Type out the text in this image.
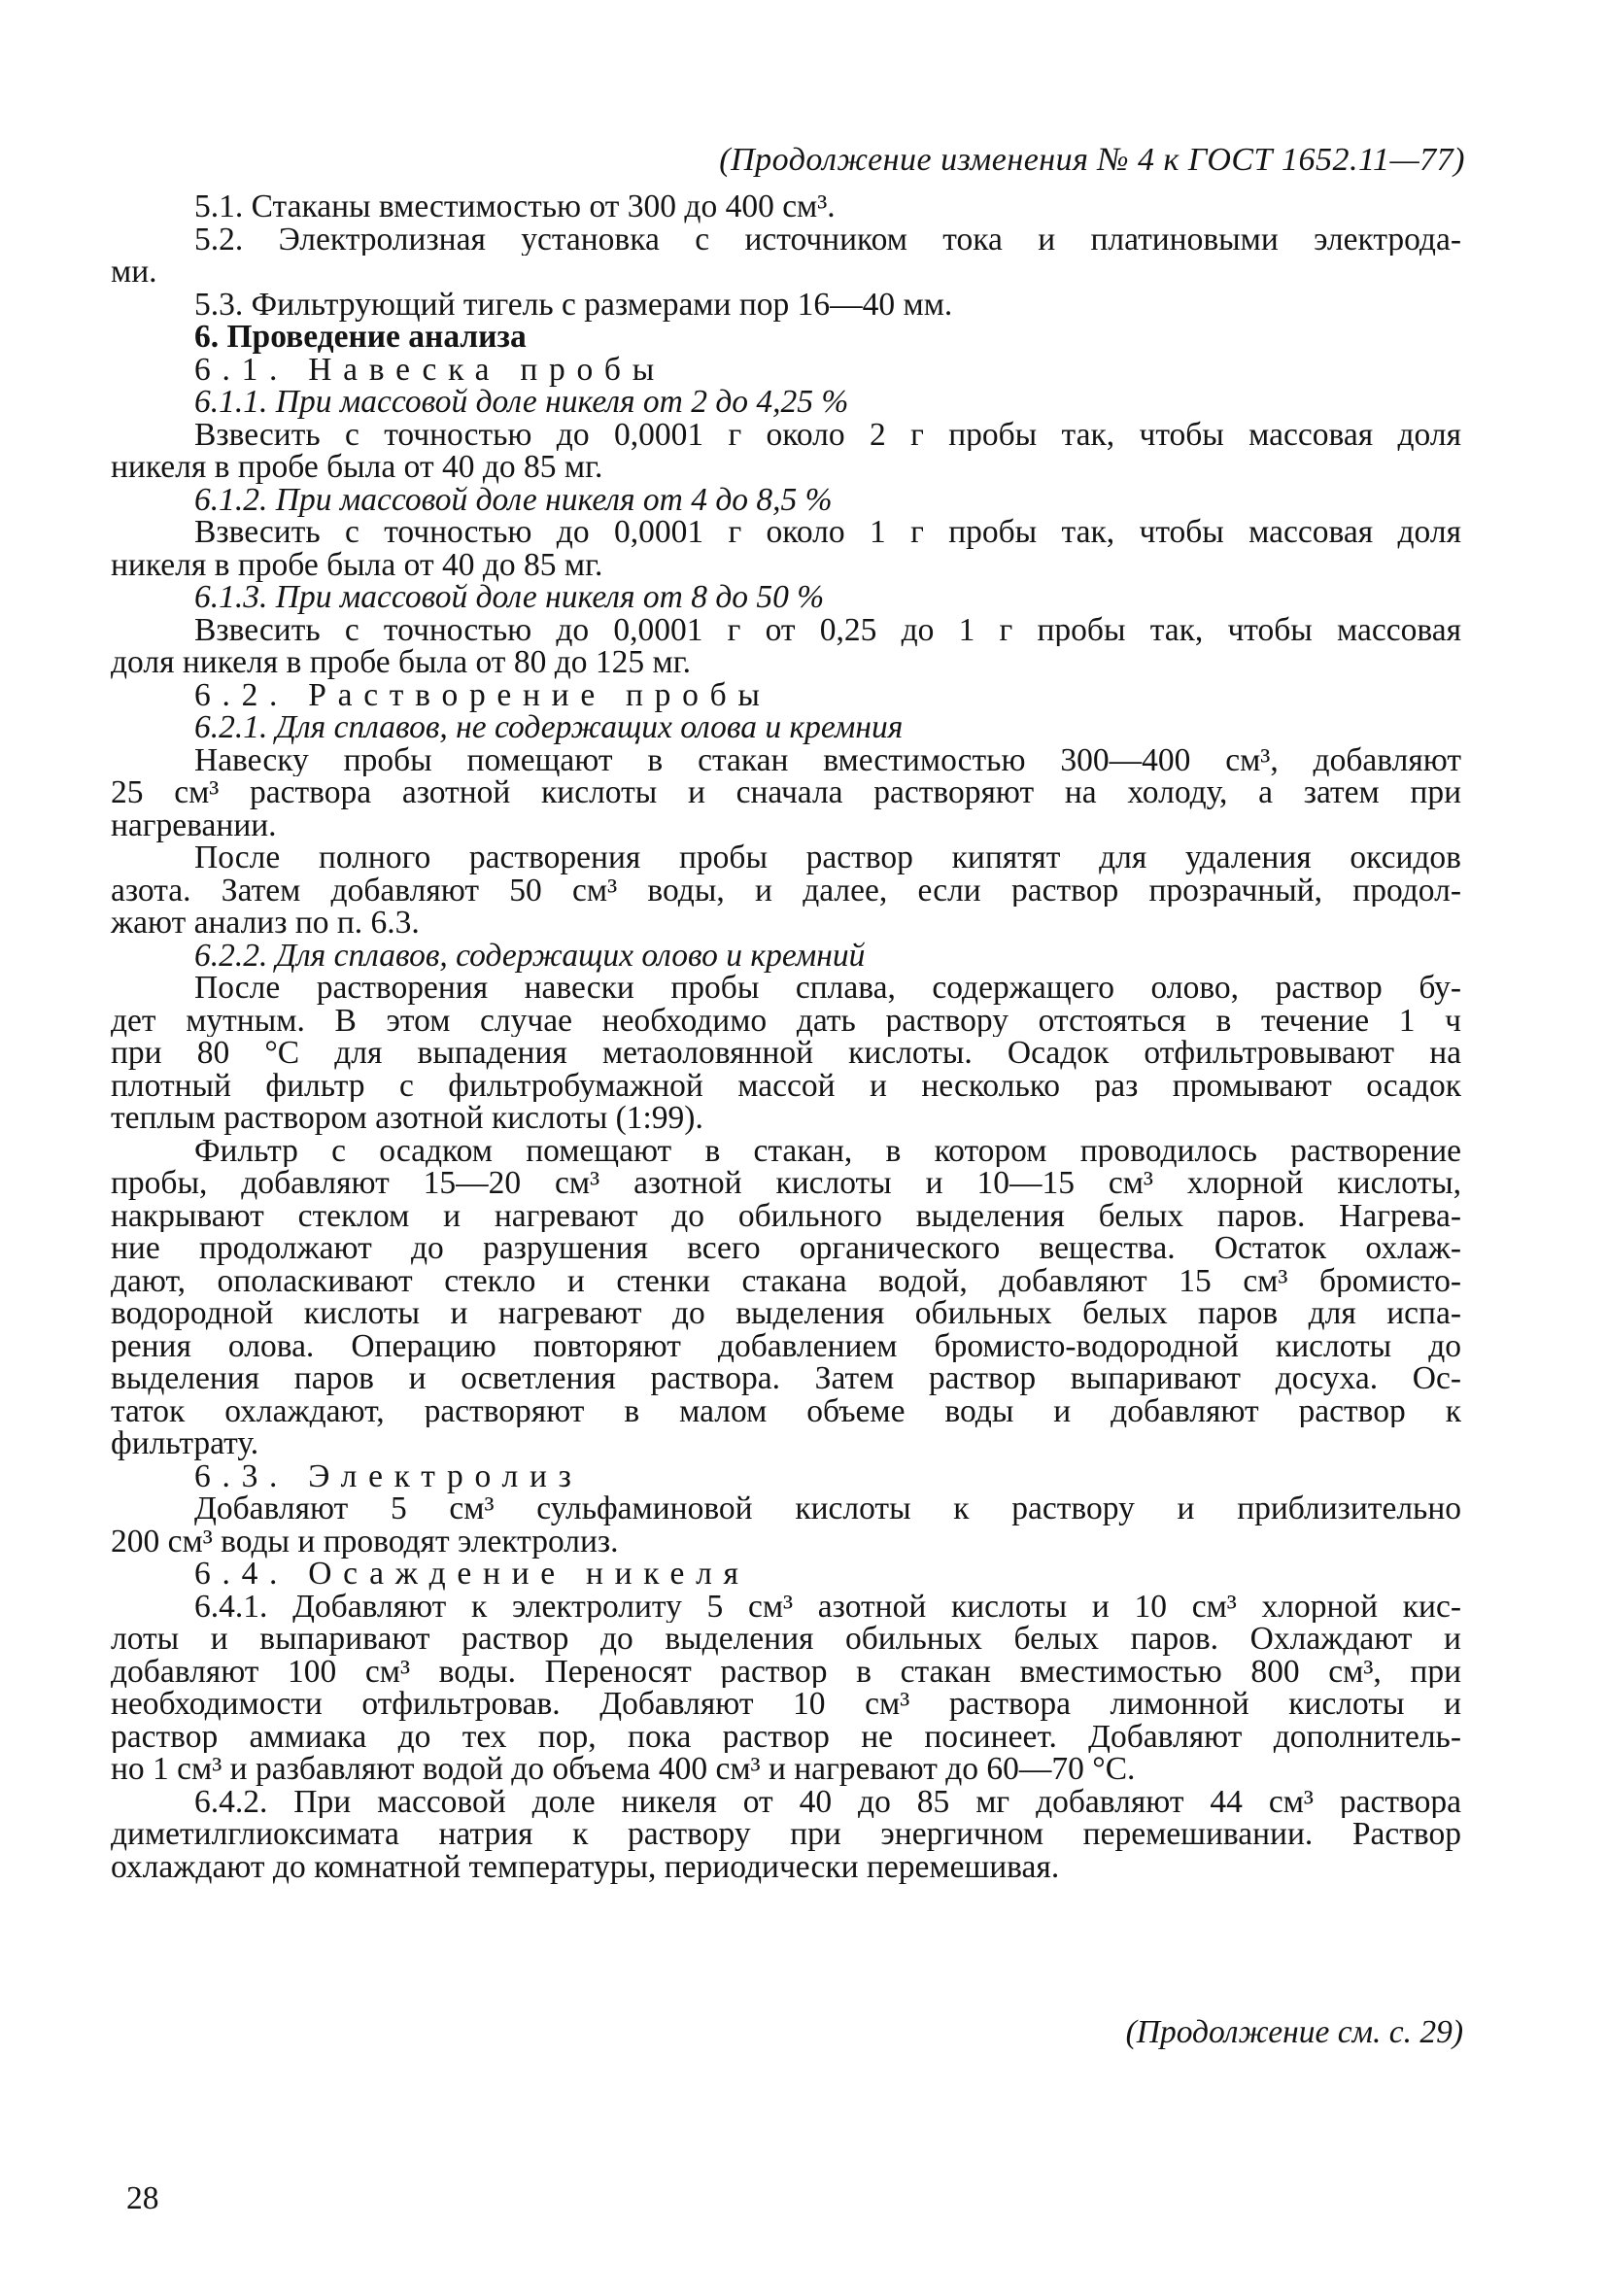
(Продолжение изменения № 4 к ГОСТ 1652.11—77)
5.1. Стаканы вместимостью от 300 до 400 см³.
5.2. Электролизная установка с источником тока и платиновыми электрода-
ми.
5.3. Фильтрующий тигель с размерами пор 16—40 мм.
6. Проведение анализа
6.1. Навеска пробы
6.1.1. При массовой доле никеля от 2 до 4,25 %
Взвесить с точностью до 0,0001 г около 2 г пробы так, чтобы массовая доля
никеля в пробе была от 40 до 85 мг.
6.1.2. При массовой доле никеля от 4 до 8,5 %
Взвесить с точностью до 0,0001 г около 1 г пробы так, чтобы массовая доля
никеля в пробе была от 40 до 85 мг.
6.1.3. При массовой доле никеля от 8 до 50 %
Взвесить с точностью до 0,0001 г от 0,25 до 1 г пробы так, чтобы массовая
доля никеля в пробе была от 80 до 125 мг.
6.2. Растворение пробы
6.2.1. Для сплавов, не содержащих олова и кремния
Навеску пробы помещают в стакан вместимостью 300—400 см³, добавляют
25 см³ раствора азотной кислоты и сначала растворяют на холоду, а затем при
нагревании.
После полного растворения пробы раствор кипятят для удаления оксидов
азота. Затем добавляют 50 см³ воды, и далее, если раствор прозрачный, продол-
жают анализ по п. 6.3.
6.2.2. Для сплавов, содержащих олово и кремний
После растворения навески пробы сплава, содержащего олово, раствор бу-
дет мутным. В этом случае необходимо дать раствору отстояться в течение 1 ч
при 80 °С для выпадения метаоловянной кислоты. Осадок отфильтровывают на
плотный фильтр с фильтробумажной массой и несколько раз промывают осадок
теплым раствором азотной кислоты (1:99).
Фильтр с осадком помещают в стакан, в котором проводилось растворение
пробы, добавляют 15—20 см³ азотной кислоты и 10—15 см³ хлорной кислоты,
накрывают стеклом и нагревают до обильного выделения белых паров. Нагрева-
ние продолжают до разрушения всего органического вещества. Остаток охлаж-
дают, ополаскивают стекло и стенки стакана водой, добавляют 15 см³ бромисто-
водородной кислоты и нагревают до выделения обильных белых паров для испа-
рения олова. Операцию повторяют добавлением бромисто-водородной кислоты до
выделения паров и осветления раствора. Затем раствор выпаривают досуха. Ос-
таток охлаждают, растворяют в малом объеме воды и добавляют раствор к
фильтрату.
6.3. Электролиз
Добавляют 5 см³ сульфаминовой кислоты к раствору и приблизительно
200 см³ воды и проводят электролиз.
6.4. Осаждение никеля
6.4.1. Добавляют к электролиту 5 см³ азотной кислоты и 10 см³ хлорной кис-
лоты и выпаривают раствор до выделения обильных белых паров. Охлаждают и
добавляют 100 см³ воды. Переносят раствор в стакан вместимостью 800 см³, при
необходимости отфильтровав. Добавляют 10 см³ раствора лимонной кислоты и
раствор аммиака до тех пор, пока раствор не посинеет. Добавляют дополнитель-
но 1 см³ и разбавляют водой до объема 400 см³ и нагревают до 60—70 °С.
6.4.2. При массовой доле никеля от 40 до 85 мг добавляют 44 см³ раствора
диметилглиоксимата натрия к раствору при энергичном перемешивании. Раствор
охлаждают до комнатной температуры, периодически перемешивая.
(Продолжение см. с. 29)
28
